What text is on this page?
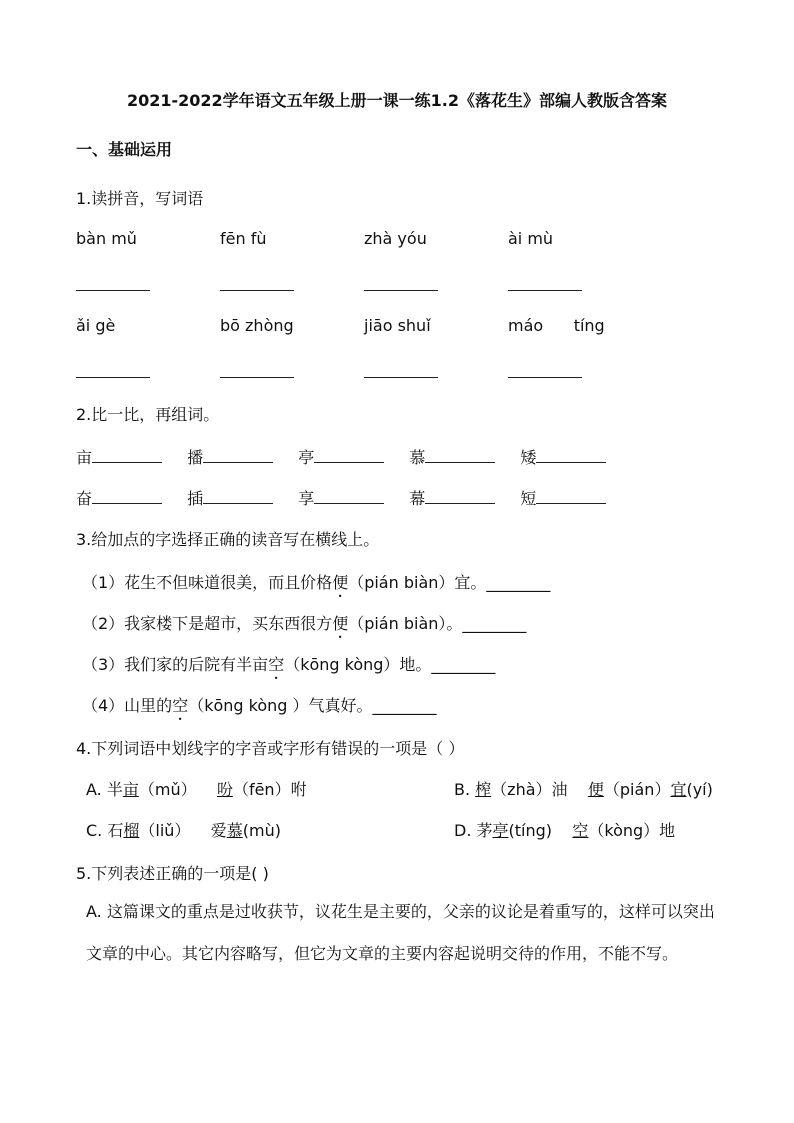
2021-2022学年语文五年级上册一课一练1.2《落花生》部编人教版含答案
一、基础运用
1.读拼音，写词语
bàn mǔ	fēn fù	zhà yóu	ài mù
ǎi gè	bō zhòng	jiāo shuǐ	máo      tíng
2.比一比，再组词。
亩	播	亭	慕	矮
奋	插	享	幕	短
3.给加点的字选择正确的读音写在横线上。
（1）花生不但味道很美，而且价格便（pián biàn）宜。________
（2）我家楼下是超市，买东西很方便（pián biàn）。________
（3）我们家的后院有半亩空（kōng kòng）地。________
（4）山里的空（kōng kòng ）气真好。________
4.下列词语中划线字的字音或字形有错误的一项是（ ）
A. 半亩（mǔ）    吩（fēn）咐	B. 榨（zhà）油    便（pián）宜(yí)
C. 石榴（liǔ）    爱慕(mù)	D. 茅亭(tíng)    空（kòng）地
5.下列表述正确的一项是( )
A. 这篇课文的重点是过收获节，议花生是主要的，父亲的议论是着重写的，这样可以突出文章的中心。其它内容略写，但它为文章的主要内容起说明交待的作用，不能不写。
